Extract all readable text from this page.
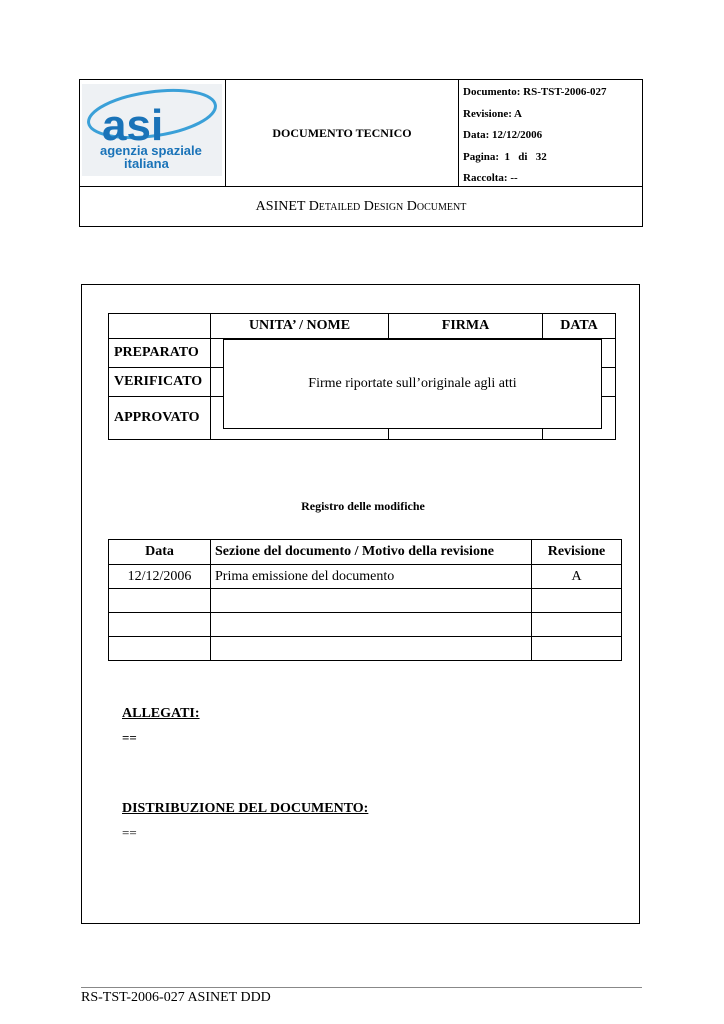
asi
agenzia spaziale
italiana
DOCUMENTO TECNICO
Documento: RS-TST-2006-027
Revisione: A
Data: 12/12/2006
Pagina:  1   di   32
Raccolta: --
ASINET Detailed Design Document
	UNITA’ / NOME	FIRMA	DATA
PREPARATO			
VERIFICATO			
APPROVATO			
Firme riportate sull’originale agli atti
Registro delle modifiche
Data	Sezione del documento / Motivo della revisione	Revisione
12/12/2006	Prima emissione del documento	A

ALLEGATI:
==
DISTRIBUZIONE DEL DOCUMENTO:
==
RS-TST-2006-027 ASINET DDD
